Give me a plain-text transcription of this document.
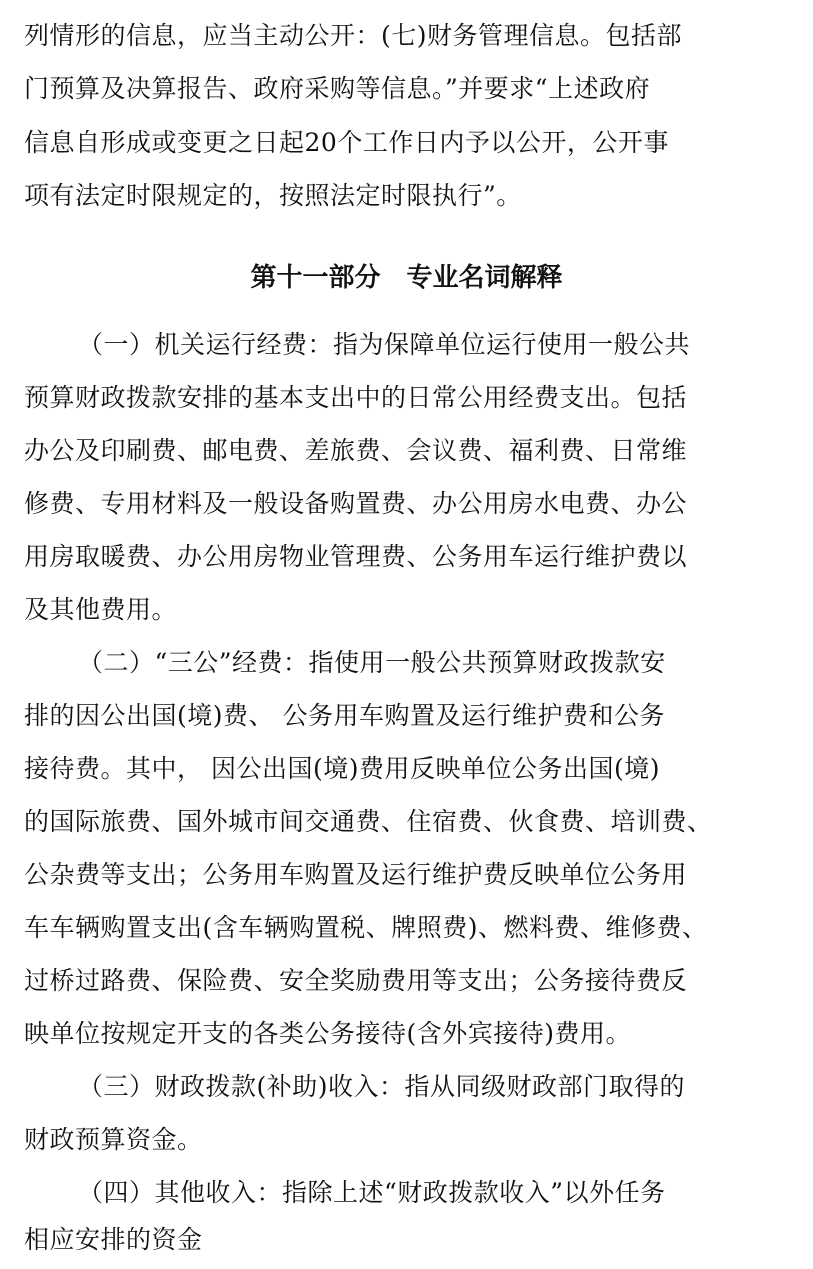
列情形的信息，应当主动公开：(七)财务管理信息。包括部
门预算及决算报告、政府采购等信息。”并要求“上述政府
信息自形成或变更之日起20个工作日内予以公开，公开事
项有法定时限规定的，按照法定时限执行”。
第十一部分　专业名词解释
（一）机关运行经费：指为保障单位运行使用一般公共
预算财政拨款安排的基本支出中的日常公用经费支出。包括
办公及印刷费、邮电费、差旅费、会议费、福利费、日常维
修费、专用材料及一般设备购置费、办公用房水电费、办公
用房取暖费、办公用房物业管理费、公务用车运行维护费以
及其他费用。
（二）“三公”经费：指使用一般公共预算财政拨款安
排的因公出国(境)费、 公务用车购置及运行维护费和公务
接待费。其中， 因公出国(境)费用反映单位公务出国(境)
的国际旅费、国外城市间交通费、住宿费、伙食费、培训费、
公杂费等支出；公务用车购置及运行维护费反映单位公务用
车车辆购置支出(含车辆购置税、牌照费)、燃料费、维修费、
过桥过路费、保险费、安全奖励费用等支出；公务接待费反
映单位按规定开支的各类公务接待(含外宾接待)费用。
（三）财政拨款(补助)收入：指从同级财政部门取得的
财政预算资金。
（四）其他收入：指除上述“财政拨款收入”以外任务
相应安排的资金
